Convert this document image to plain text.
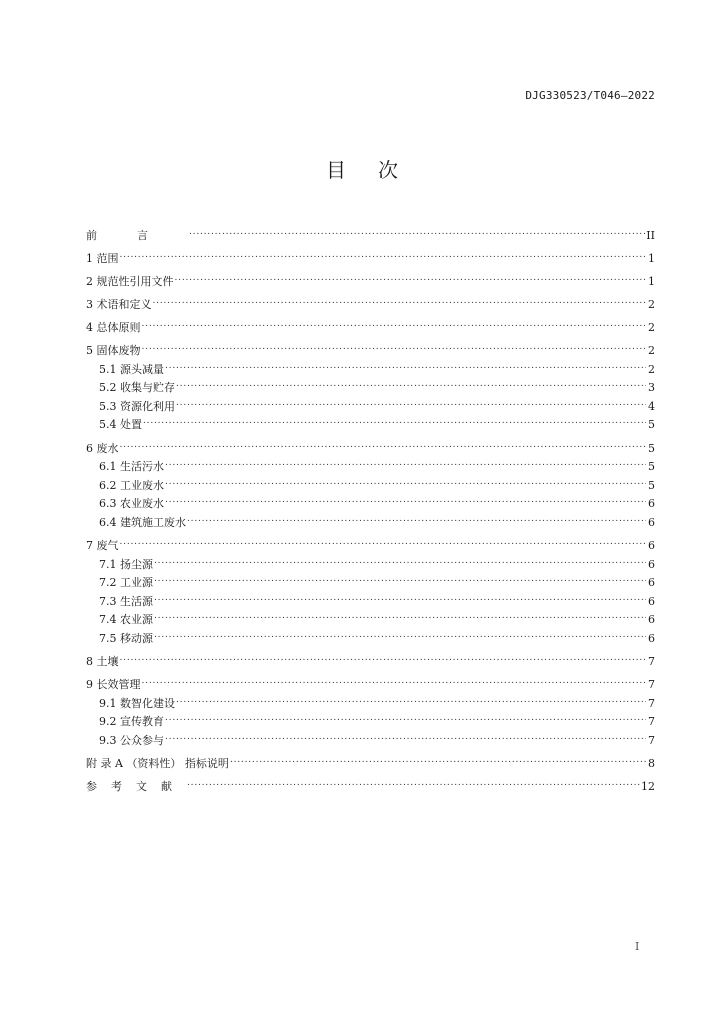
DJG330523/T046—2022
目次
前言 .....	II
1 范围 .....	1
2 规范性引用文件 .....	1
3 术语和定义 .....	2
4 总体原则 .....	2
5 固体废物 .....	2
5.1 源头减量 .....	2
5.2 收集与贮存 .....	3
5.3 资源化利用 .....	4
5.4 处置 .....	5
6 废水 .....	5
6.1 生活污水 .....	5
6.2 工业废水 .....	5
6.3 农业废水 .....	6
6.4 建筑施工废水 .....	6
7 废气 .....	6
7.1 扬尘源 .....	6
7.2 工业源 .....	6
7.3 生活源 .....	6
7.4 农业源 .....	6
7.5 移动源 .....	6
8 土壤 .....	7
9 长效管理 .....	7
9.1 数智化建设 .....	7
9.2 宣传教育 .....	7
9.3 公众参与 .....	7
附 录 A （资料性） 指标说明 .....	8
参考文献 .....	12
I
